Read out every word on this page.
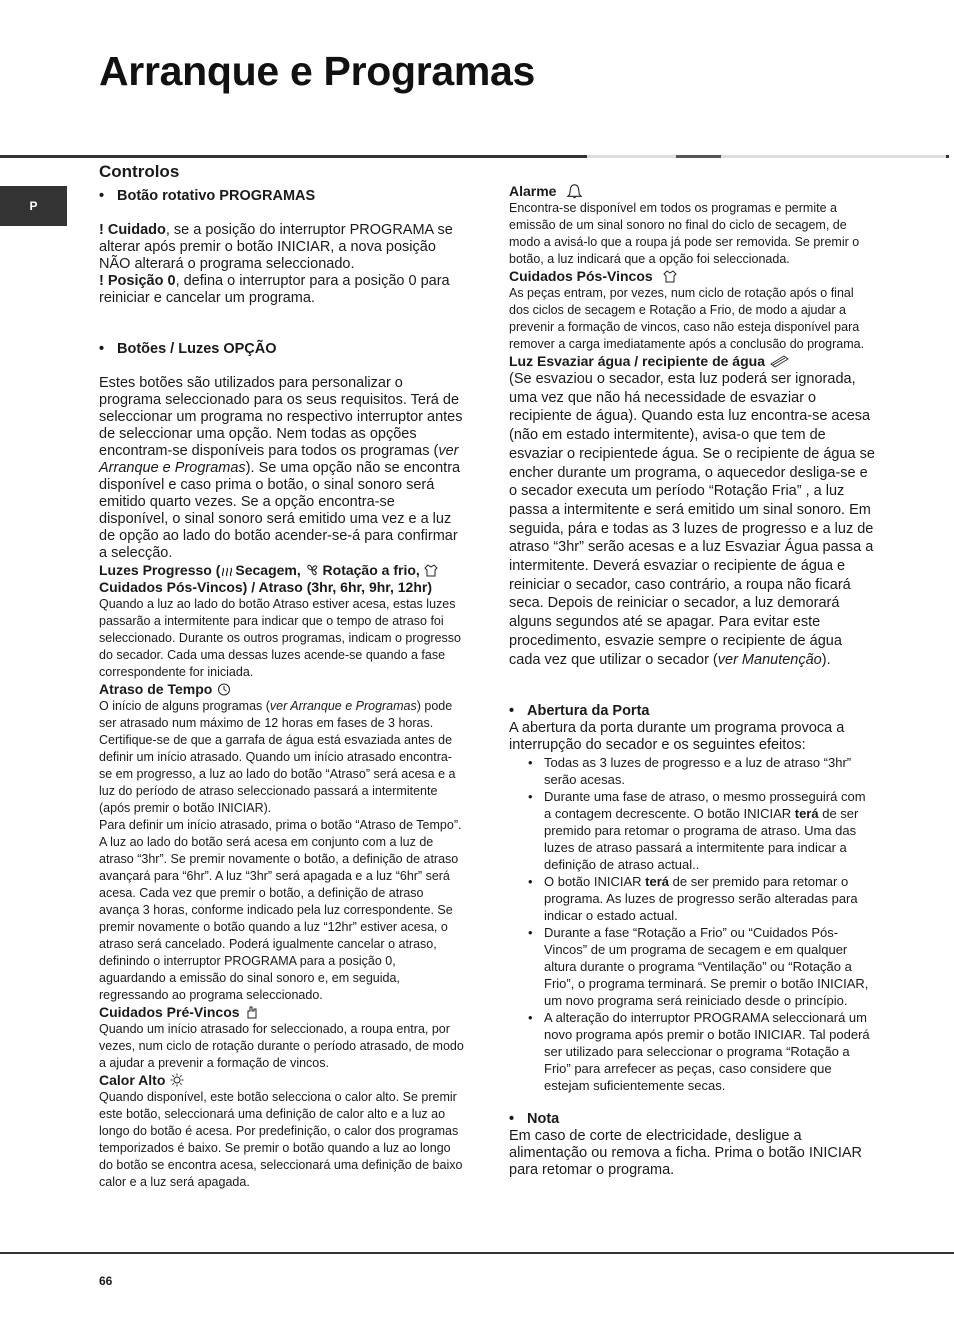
Arranque e Programas
P
Controlos

• Botão rotativo PROGRAMAS

! Cuidado, se a posição do interruptor PROGRAMA se alterar após premir o botão INICIAR, a nova posição NÃO alterará o programa seleccionado.

! Posição 0, defina o interruptor para a posição 0 para reiniciar e cancelar um programa.

• Botões / Luzes OPÇÃO

Estes botões são utilizados para personalizar o programa seleccionado para os seus requisitos. Terá de seleccionar um programa no respectivo interruptor antes de seleccionar uma opção. Nem todas as opções encontram-se disponíveis para todos os programas (ver Arranque e Programas). Se uma opção não se encontra disponível e caso prima o botão, o sinal sonoro será emitido quarto vezes. Se a opção encontra-se disponível, o sinal sonoro será emitido uma vez e a luz de opção ao lado do botão acender-se-á para confirmar a selecção.

Luzes Progresso ( Secagem, Rotação a frio,
Cuidados Pós-Vincos) / Atraso (3hr, 6hr, 9hr, 12hr)

Quando a luz ao lado do botão Atraso estiver acesa, estas luzes passarão a intermitente para indicar que o tempo de atraso foi seleccionado. Durante os outros programas, indicam o progresso do secador. Cada uma dessas luzes acende-se quando a fase correspondente for iniciada.

Atraso de Tempo

O início de alguns programas (ver Arranque e Programas) pode ser atrasado num máximo de 12 horas em fases de 3 horas. Certifique-se de que a garrafa de água está esvaziada antes de definir um início atrasado. Quando um início atrasado encontra-se em progresso, a luz ao lado do botão “Atraso” será acesa e a luz do período de atraso seleccionado passará a intermitente (após premir o botão INICIAR).

Para definir um início atrasado, prima o botão “Atraso de Tempo”. A luz ao lado do botão será acesa em conjunto com a luz de atraso “3hr”. Se premir novamente o botão, a definição de atraso avançará para “6hr”. A luz “3hr” será apagada e a luz “6hr” será acesa. Cada vez que premir o botão, a definição de atraso avança 3 horas, conforme indicado pela luz correspondente. Se premir novamente o botão quando a luz “12hr” estiver acesa, o atraso será cancelado. Poderá igualmente cancelar o atraso, definindo o interruptor PROGRAMA para a posição 0, aguardando a emissão do sinal sonoro e, em seguida, regressando ao programa seleccionado.

Cuidados Pré-Vincos

Quando um início atrasado for seleccionado, a roupa entra, por vezes, num ciclo de rotação durante o período atrasado, de modo a ajudar a prevenir a formação de vincos.

Calor Alto

Quando disponível, este botão selecciona o calor alto. Se premir este botão, seleccionará uma definição de calor alto e a luz ao longo do botão é acesa. Por predefinição, o calor dos programas temporizados é baixo. Se premir o botão quando a luz ao longo do botão se encontra acesa, seleccionará uma definição de baixo calor e a luz será apagada.

Alarme

Encontra-se disponível em todos os programas e permite a emissão de um sinal sonoro no final do ciclo de secagem, de modo a avisá-lo que a roupa já pode ser removida. Se premir o botão, a luz indicará que a opção foi seleccionada.

Cuidados Pós-Vincos

As peças entram, por vezes, num ciclo de rotação após o final dos ciclos de secagem e Rotação a Frio, de modo a ajudar a prevenir a formação de vincos, caso não esteja disponível para remover a carga imediatamente após a conclusão do programa.

Luz Esvaziar água / recipiente de água

(Se esvaziou o secador, esta luz poderá ser ignorada, uma vez que não há necessidade de esvaziar o recipiente de água). Quando esta luz encontra-se acesa (não em estado intermitente), avisa-o que tem de esvaziar o recipientede água. Se o recipiente de água se encher durante um programa, o aquecedor desliga-se e o secador executa um período “Rotação Fria” , a luz passa a intermitente e será emitido um sinal sonoro. Em seguida, pára e todas as 3 luzes de progresso e a luz de atraso “3hr” serão acesas e a luz Esvaziar Água passa a intermitente. Deverá esvaziar o recipiente de água e reiniciar o secador, caso contrário, a roupa não ficará seca. Depois de reiniciar o secador, a luz demorará alguns segundos até se apagar. Para evitar este procedimento, esvazie sempre o recipiente de água cada vez que utilizar o secador (ver Manutenção).

• Abertura da Porta

A abertura da porta durante um programa provoca a interrupção do secador e os seguintes efeitos:

• Todas as 3 luzes de progresso e a luz de atraso “3hr” serão acesas.
• Durante uma fase de atraso, o mesmo prosseguirá com a contagem decrescente. O botão INICIAR terá de ser premido para retomar o programa de atraso. Uma das luzes de atraso passará a intermitente para indicar a definição de atraso actual..
• O botão INICIAR terá de ser premido para retomar o programa. As luzes de progresso serão alteradas para indicar o estado actual.
• Durante a fase “Rotação a Frio” ou “Cuidados Pós-Vincos” de um programa de secagem e em qualquer altura durante o programa “Ventilação” ou “Rotação a Frio”, o programa terminará. Se premir o botão INICIAR, um novo programa será reiniciado desde o princípio.
• A alteração do interruptor PROGRAMA seleccionará um novo programa após premir o botão INICIAR. Tal poderá ser utilizado para seleccionar o programa “Rotação a Frio” para arrefecer as peças, caso considere que estejam suficientemente secas.

• Nota

Em caso de corte de electricidade, desligue a alimentação ou remova a ficha. Prima o botão INICIAR para retomar o programa.

66
